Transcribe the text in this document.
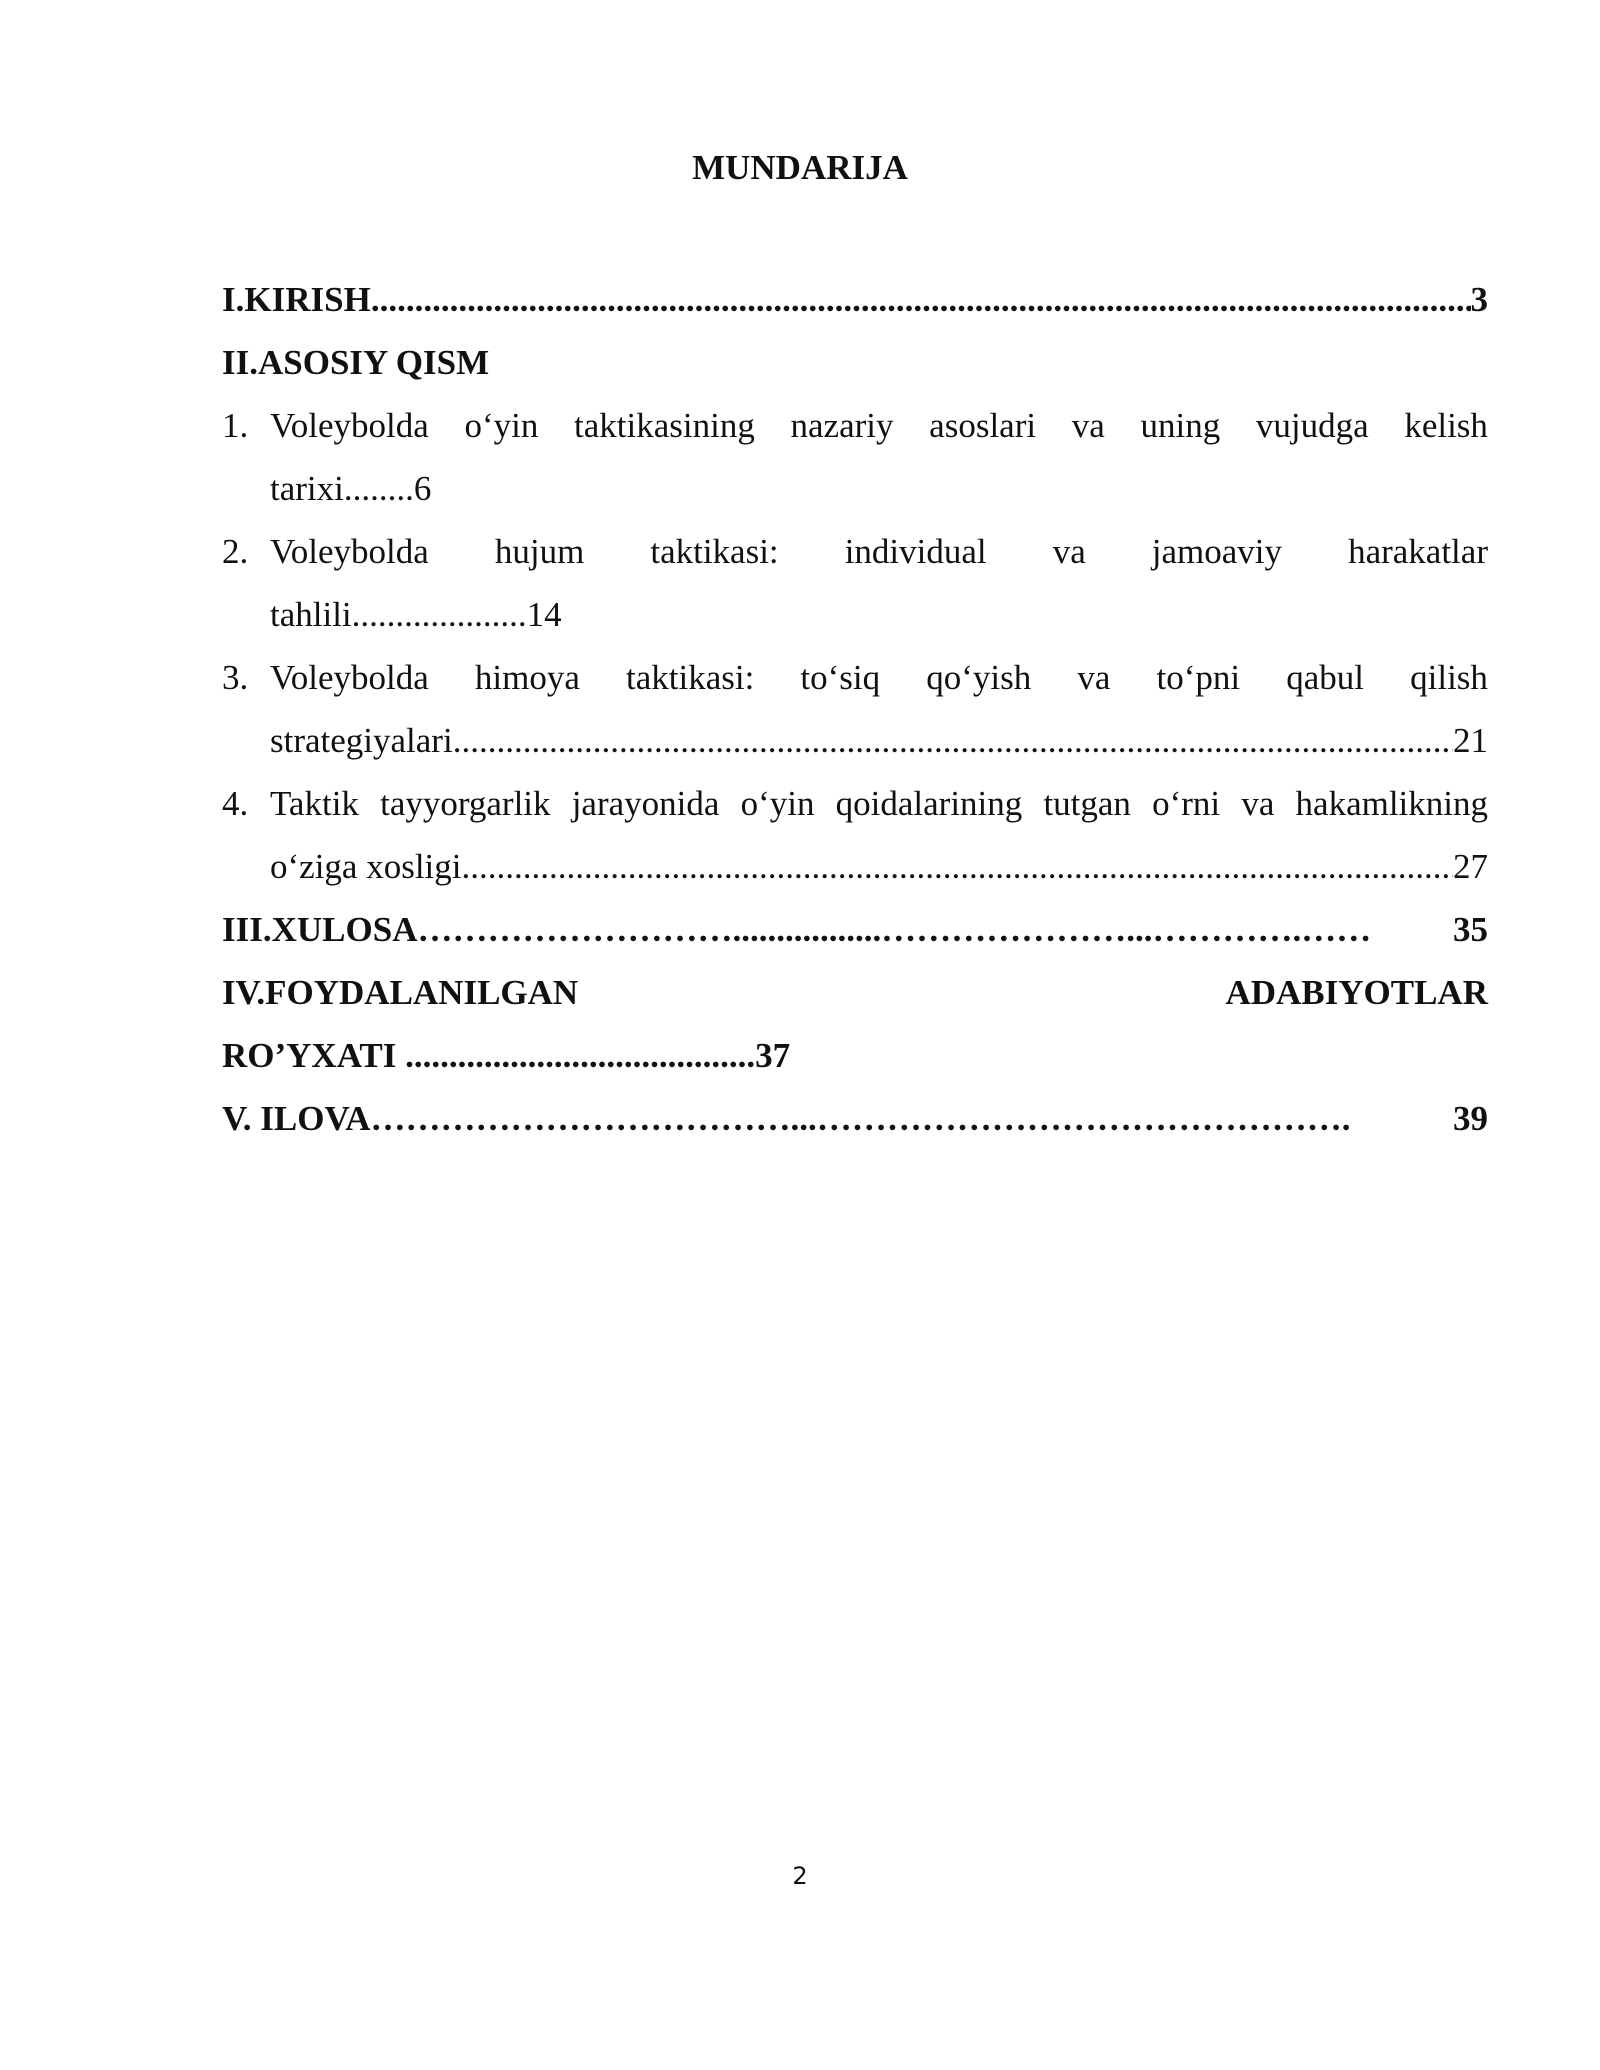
MUNDARIJA
I.KIRISH .....	3
II.ASOSIY QISM
1. Voleybolda o‘yin taktikasining nazariy asoslari va uning vujudga kelish
tarixi ........ 6
2. Voleybolda hujum taktikasi: individual va jamoaviy harakatlar
tahlili .................... 14
3. Voleybolda himoya taktikasi: to‘siq qo‘yish va to‘pni qabul qilish
strategiyalari .....	21
4. Taktik tayyorgarlik jarayonida o‘yin qoidalarining tutgan o‘rni va hakamlikning
o‘ziga xosligi .....	27
III.XULOSA ……………………….................…………………...………….……	35
IV.FOYDALANILGAN	ADABIYOTLAR
RO’YXATI ........................................ 37
V. ILOVA ………………………………...……………………………………….	39
2
